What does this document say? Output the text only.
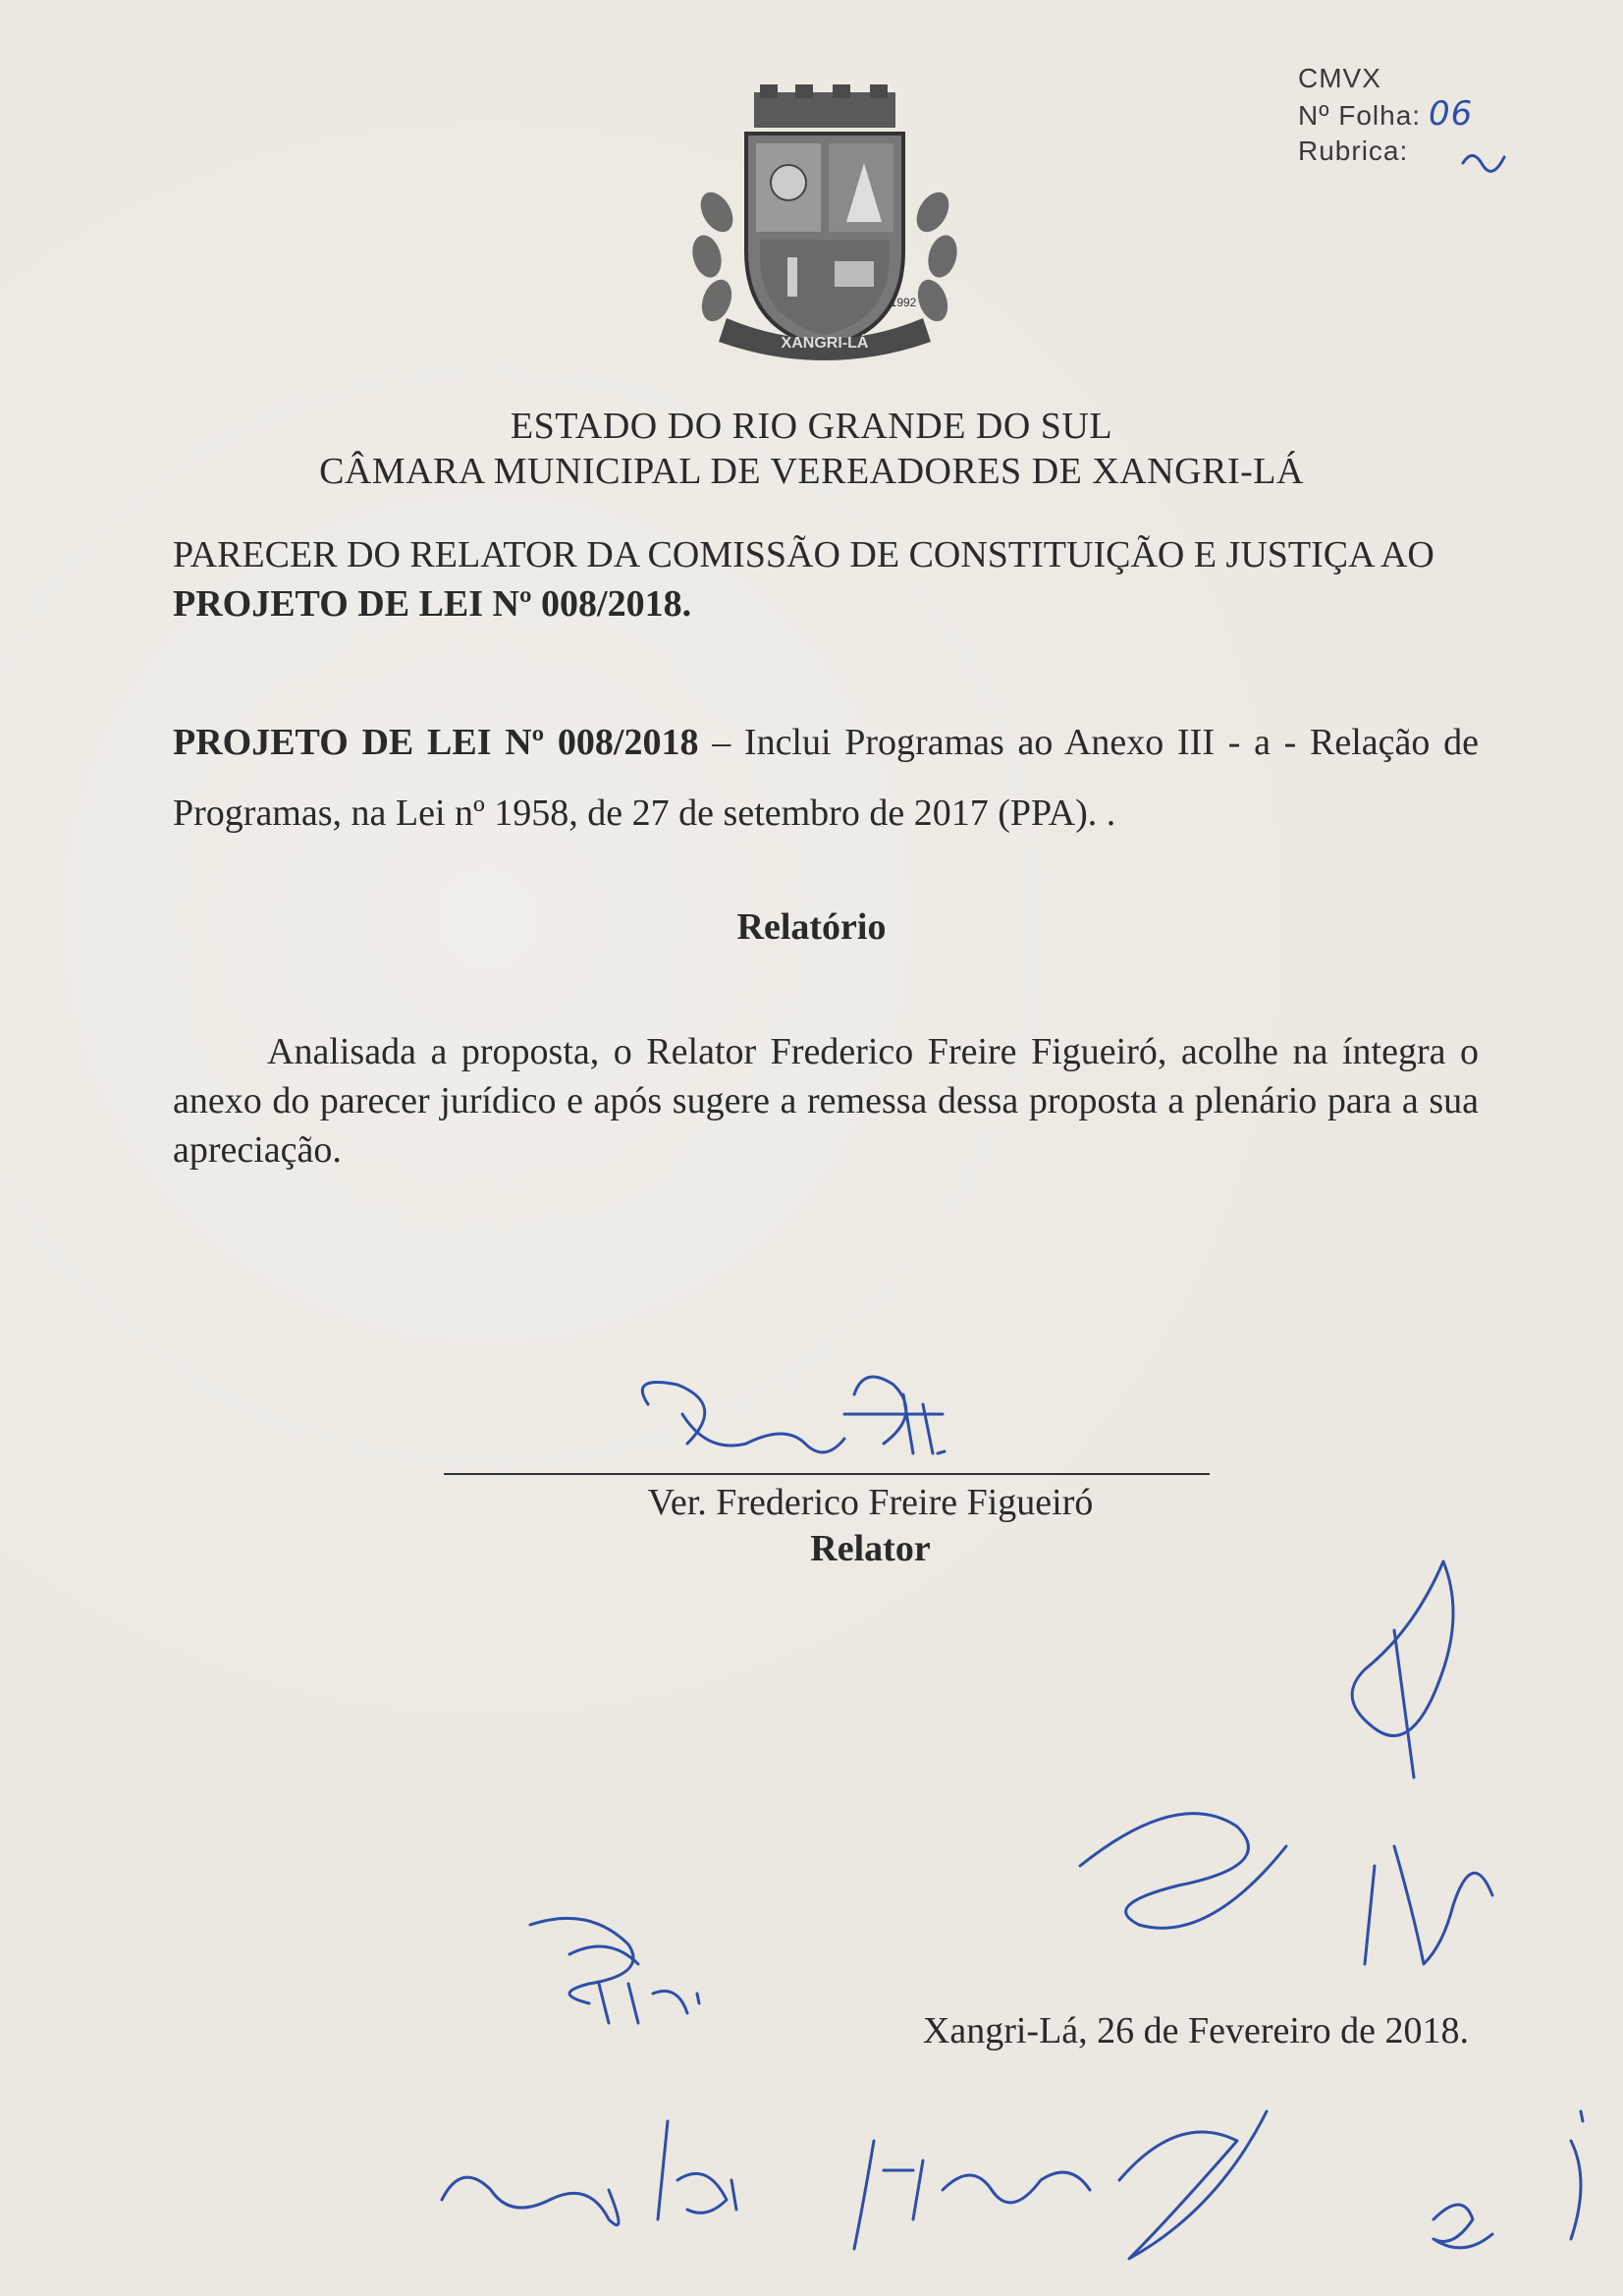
CMVX
Nº Folha: 06
Rubrica:
XANGRI-LÁ
1992
ESTADO DO RIO GRANDE DO SUL
CÂMARA MUNICIPAL DE VEREADORES DE XANGRI-LÁ
PARECER DO RELATOR DA COMISSÃO DE CONSTITUIÇÃO E JUSTIÇA AO
PROJETO DE LEI Nº 008/2018.
PROJETO DE LEI Nº 008/2018 – Inclui Programas ao Anexo III - a - Relação de Programas, na Lei nº 1958, de 27 de setembro de 2017 (PPA). .
Relatório
Analisada a proposta, o Relator Frederico Freire Figueiró, acolhe na íntegra o anexo do parecer jurídico e após sugere a remessa dessa proposta a plenário para a sua apreciação.
Ver. Frederico Freire Figueiró
Relator
Xangri-Lá, 26 de Fevereiro de 2018.
